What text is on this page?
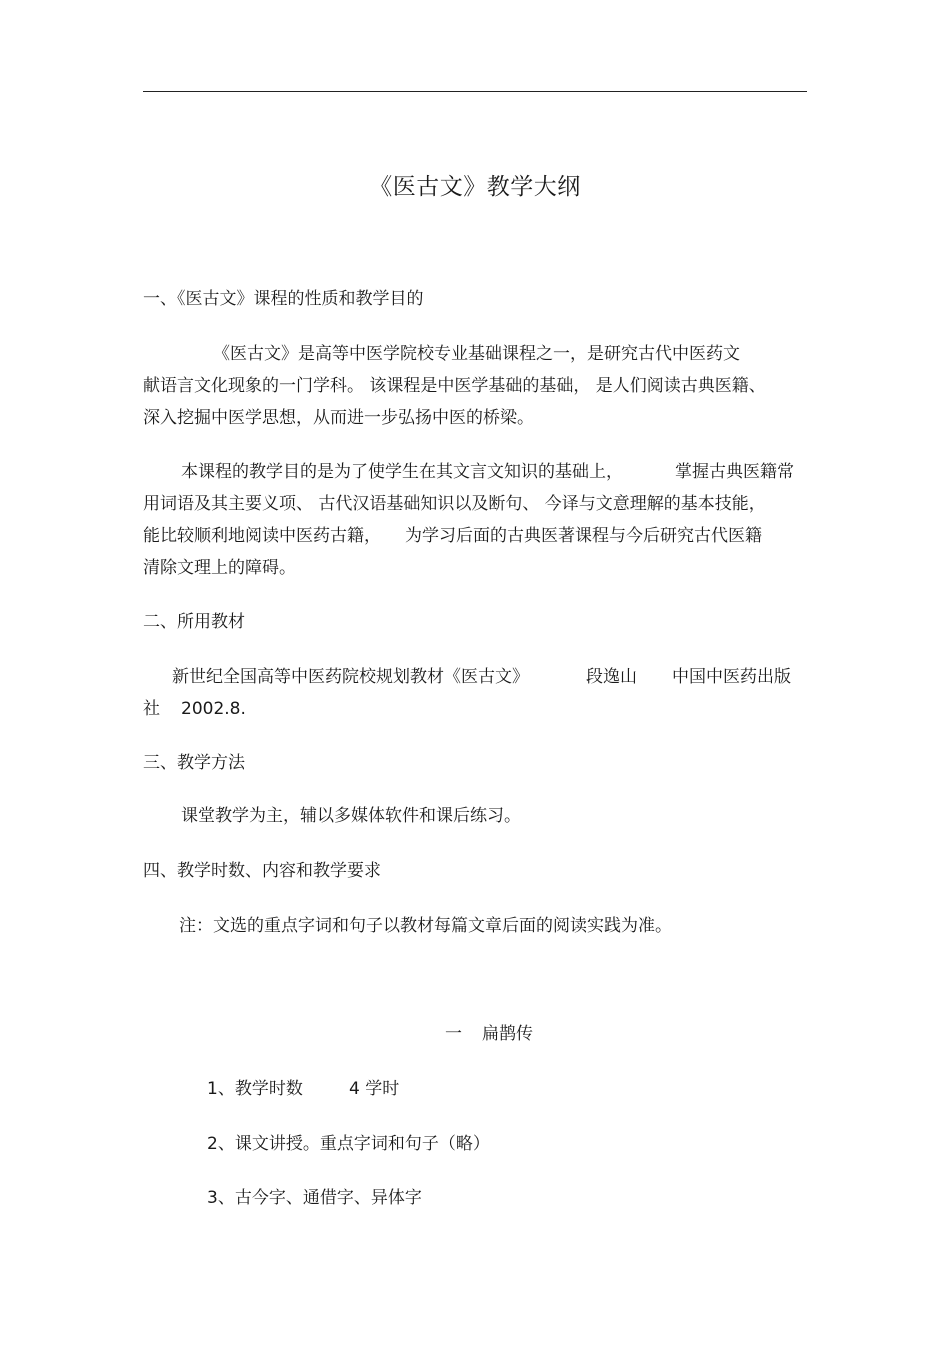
《医古文》教学大纲
一、《医古文》课程的性质和教学目的
《医古文》是高等中医学院校专业基础课程之一，是研究古代中医药文
献语言文化现象的一门学科。 该课程是中医学基础的基础， 是人们阅读古典医籍、
深入挖掘中医学思想，从而进一步弘扬中医的桥梁。
本课程的教学目的是为了使学生在其文言文知识的基础上，	掌握古典医籍常
用词语及其主要义项、 古代汉语基础知识以及断句、 今译与文意理解的基本技能，
能比较顺利地阅读中医药古籍， 为学习后面的古典医著课程与今后研究古代医籍
清除文理上的障碍。
二、所用教材
新世纪全国高等中医药院校规划教材《医古文》	段逸山 中国中医药出版
社 2002.8.
三、教学方法
课堂教学为主，辅以多媒体软件和课后练习。
四、教学时数、内容和教学要求
注：文选的重点字词和句子以教材每篇文章后面的阅读实践为准。
一 扁鹊传
1、教学时数	4 学时
2、课文讲授。重点字词和句子（略）
3、古今字、通借字、异体字
